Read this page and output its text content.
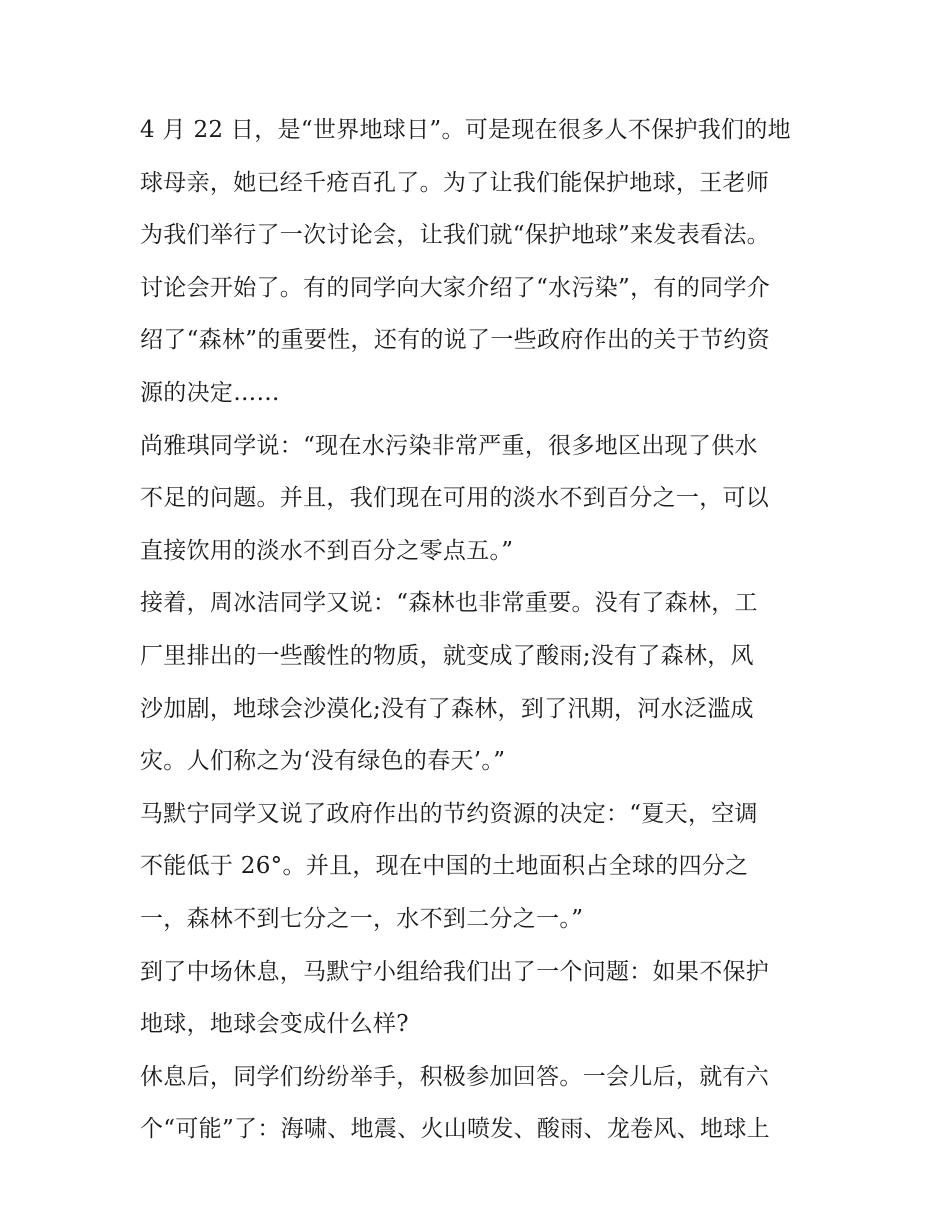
4 月 22 日，是“世界地球日”。可是现在很多人不保护我们的地
球母亲，她已经千疮百孔了。为了让我们能保护地球，王老师
为我们举行了一次讨论会，让我们就“保护地球”来发表看法。
讨论会开始了。有的同学向大家介绍了“水污染”，有的同学介
绍了“森林”的重要性，还有的说了一些政府作出的关于节约资
源的决定……
尚雅琪同学说：“现在水污染非常严重，很多地区出现了供水
不足的问题。并且，我们现在可用的淡水不到百分之一，可以
直接饮用的淡水不到百分之零点五。”
接着，周冰洁同学又说：“森林也非常重要。没有了森林，工
厂里排出的一些酸性的物质，就变成了酸雨;没有了森林，风
沙加剧，地球会沙漠化;没有了森林，到了汛期，河水泛滥成
灾。人们称之为‘没有绿色的春天’。”
马默宁同学又说了政府作出的节约资源的决定：“夏天，空调
不能低于 26°。并且，现在中国的土地面积占全球的四分之
一，森林不到七分之一，水不到二分之一。”
到了中场休息，马默宁小组给我们出了一个问题：如果不保护
地球，地球会变成什么样?
休息后，同学们纷纷举手，积极参加回答。一会儿后，就有六
个“可能”了：海啸、地震、火山喷发、酸雨、龙卷风、地球上
